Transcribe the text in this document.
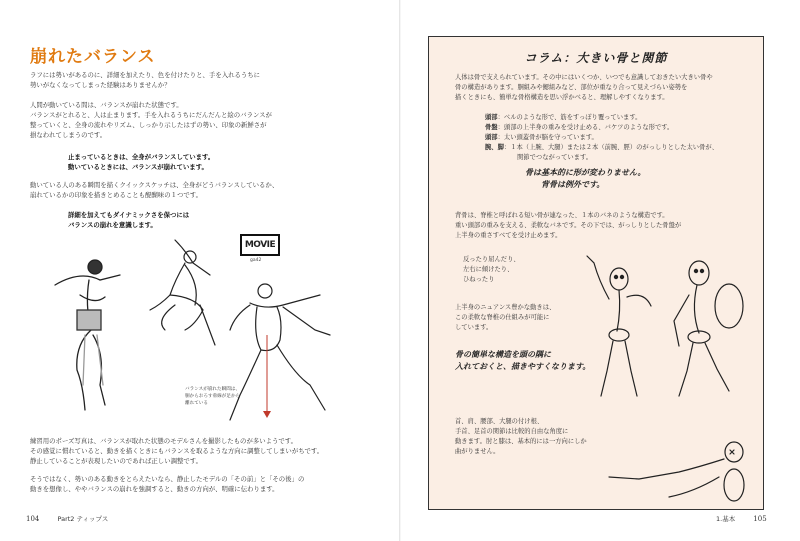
崩れたバランス
ラフには勢いがあるのに、詳細を加えたり、色を付けたりと、手を入れるうちに
勢いがなくなってしまった経験はありませんか？
人間が動いている間は、バランスが崩れた状態です。
バランスがとれると、人は止まります。手を入れるうちにだんだんと絵のバランスが
整っていくと、全身の流れやリズム、しっかり示したはずの勢い、印象の新鮮さが
損なわれてしまうのです。
止まっているときは、全身がバランスしています。
動いているときには、バランスが崩れています。
動いている人のある瞬間を描くクイックスケッチは、全身がどうバランスしているか、
崩れているかの印象を描きとめることも醍醐味の１つです。
詳細を加えてもダイナミックさを保つには
バランスの崩れを意識します。
MOVIE
ga42
バランスが崩れた瞬間は、
胴からおろす垂線が足から
離れている
練習用のポーズ写真は、バランスが取れた状態のモデルさんを撮影したものが多いようです。
その感覚に慣れていると、動きを描くときにもバランスを取るような方向に調整してしまいがちです。
静止していることが表現したいのであれば正しい調整です。
そうではなく、勢いのある動きをとらえたいなら、静止したモデルの「その前」と「その後」の
動きを想像し、ややバランスの崩れを強調すると、動きの方向が、明確に伝わります。
104	Part2 ティップス
コラム：大きい骨と関節
人体は骨で支えられています。その中にはいくつか、いつでも意識しておきたい大きい骨や
骨の構造があります。胴組みや鰓組みなど、部位が重なり合って見えづらい姿勢を
描くときにも、簡単な骨格構造を思い浮かべると、理解しやすくなります。
頭部：ベルのような形で、筋をすっぽり覆っています。
骨盤：頭部の上半身の重みを受け止める、バケツのような形です。
頭部：太い頭蓋骨が脳を守っています。
腕、脚：１本（上腕、大腿）または２本（前腕、脛）のがっしりとした太い骨が、
関節でつながっています。
骨は基本的に形が変わりません。
背骨は例外です。
背骨は、脊椎と呼ばれる短い骨が連なった、１本のバネのような構造です。
重い頭部の重みを支える、柔軟なバネです。その下では、がっしりとした骨盤が
上半身の重さすべてを受け止めます。
反ったり屈んだり、
左右に傾けたり、
ひねったり
上半身のニュアンス豊かな動きは、
この柔軟な脊椎の仕組みが可能に
しています。
骨の簡単な構造を頭の隅に
入れておくと、描きやすくなります。
首、肩、腰部、大腿の付け根、
手首、足首の関節は比較的自由な角度に
動きます。肘と膝は、基本的には一方向にしか
曲がりません。
1.基本	105
